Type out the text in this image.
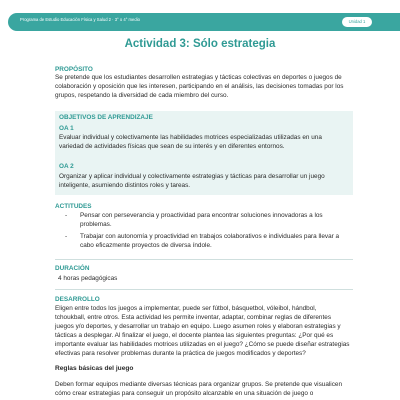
Programa de Estudio Educación Física y Salud 2 · 3° o 4° medio	Unidad 1
Actividad 3: Sólo estrategia
PROPÓSITO
Se pretende que los estudiantes desarrollen estrategias y tácticas colectivas en deportes o juegos de
colaboración y oposición que les interesen, participando en el análisis, las decisiones tomadas por los
grupos, respetando la diversidad de cada miembro del curso.
OBJETIVOS DE APRENDIZAJE
OA 1
Evaluar individual y colectivamente las habilidades motrices especializadas utilizadas en una
variedad de actividades físicas que sean de su interés y en diferentes entornos.
OA 2
Organizar y aplicar individual y colectivamente estrategias y tácticas para desarrollar un juego
inteligente, asumiendo distintos roles y tareas.
ACTITUDES
- Pensar con perseverancia y proactividad para encontrar soluciones innovadoras a los
problemas.
- Trabajar con autonomía y proactividad en trabajos colaborativos e individuales para llevar a
cabo eficazmente proyectos de diversa índole.
DURACIÓN
4 horas pedagógicas
DESARROLLO
Eligen entre todos los juegos a implementar, puede ser fútbol, básquetbol, vóleibol, hándbol,
tchoukball, entre otros. Esta actividad les permite inventar, adaptar, combinar reglas de diferentes
juegos y/o deportes, y desarrollar un trabajo en equipo. Luego asumen roles y elaboran estrategias y
tácticas a desplegar. Al finalizar el juego, el docente plantea las siguientes preguntas: ¿Por qué es
importante evaluar las habilidades motrices utilizadas en el juego? ¿Cómo se puede diseñar estrategias
efectivas para resolver problemas durante la práctica de juegos modificados y deportes?
Reglas básicas del juego
Deben formar equipos mediante diversas técnicas para organizar grupos. Se pretende que visualicen
cómo crear estrategias para conseguir un propósito alcanzable en una situación de juego o
